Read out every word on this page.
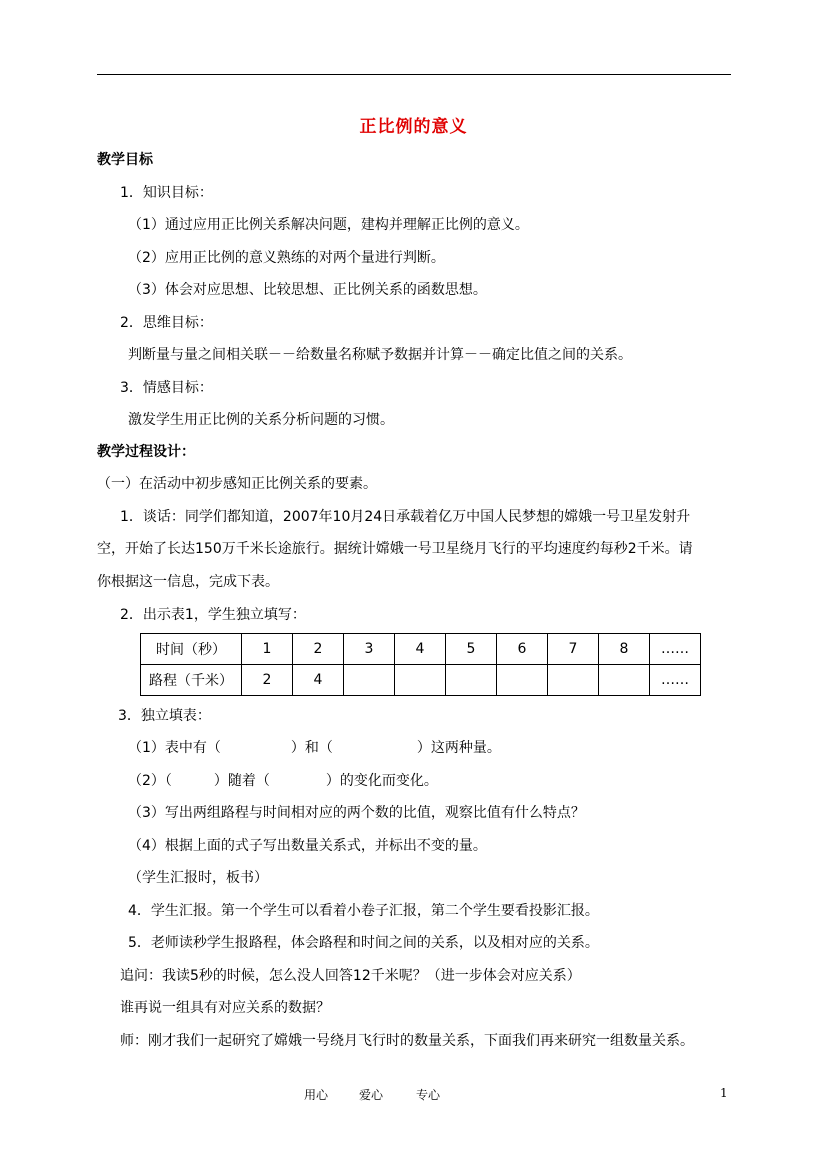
正比例的意义
教学目标
1．知识目标：
（1）通过应用正比例关系解决问题，建构并理解正比例的意义。
（2）应用正比例的意义熟练的对两个量进行判断。
（3）体会对应思想、比较思想、正比例关系的函数思想。
2．思维目标：
判断量与量之间相关联－－给数量名称赋予数据并计算－－确定比值之间的关系。
3．情感目标：
激发学生用正比例的关系分析问题的习惯。
教学过程设计：
（一）在活动中初步感知正比例关系的要素。
1．谈话：同学们都知道，2007年10月24日承载着亿万中国人民梦想的嫦娥一号卫星发射升
空，开始了长达150万千米长途旅行。据统计嫦娥一号卫星绕月飞行的平均速度约每秒2千米。请
你根据这一信息，完成下表。
2．出示表1，学生独立填写：
时间（秒）	1	2	3	4	5	6	7	8	……
路程（千米）	2	4							……
3．独立填表：
（1）表中有（　　　　　）和（　　　　　　）这两种量。
（2）（　　　）随着（　　　　）的变化而变化。
（3）写出两组路程与时间相对应的两个数的比值，观察比值有什么特点？
（4）根据上面的式子写出数量关系式，并标出不变的量。
（学生汇报时，板书）
4．学生汇报。第一个学生可以看着小卷子汇报，第二个学生要看投影汇报。
5．老师读秒学生报路程，体会路程和时间之间的关系，以及相对应的关系。
追问：我读5秒的时候，怎么没人回答12千米呢？（进一步体会对应关系）
谁再说一组具有对应关系的数据？
师：刚才我们一起研究了嫦娥一号绕月飞行时的数量关系，下面我们再来研究一组数量关系。
用心	爱心	专心	1
